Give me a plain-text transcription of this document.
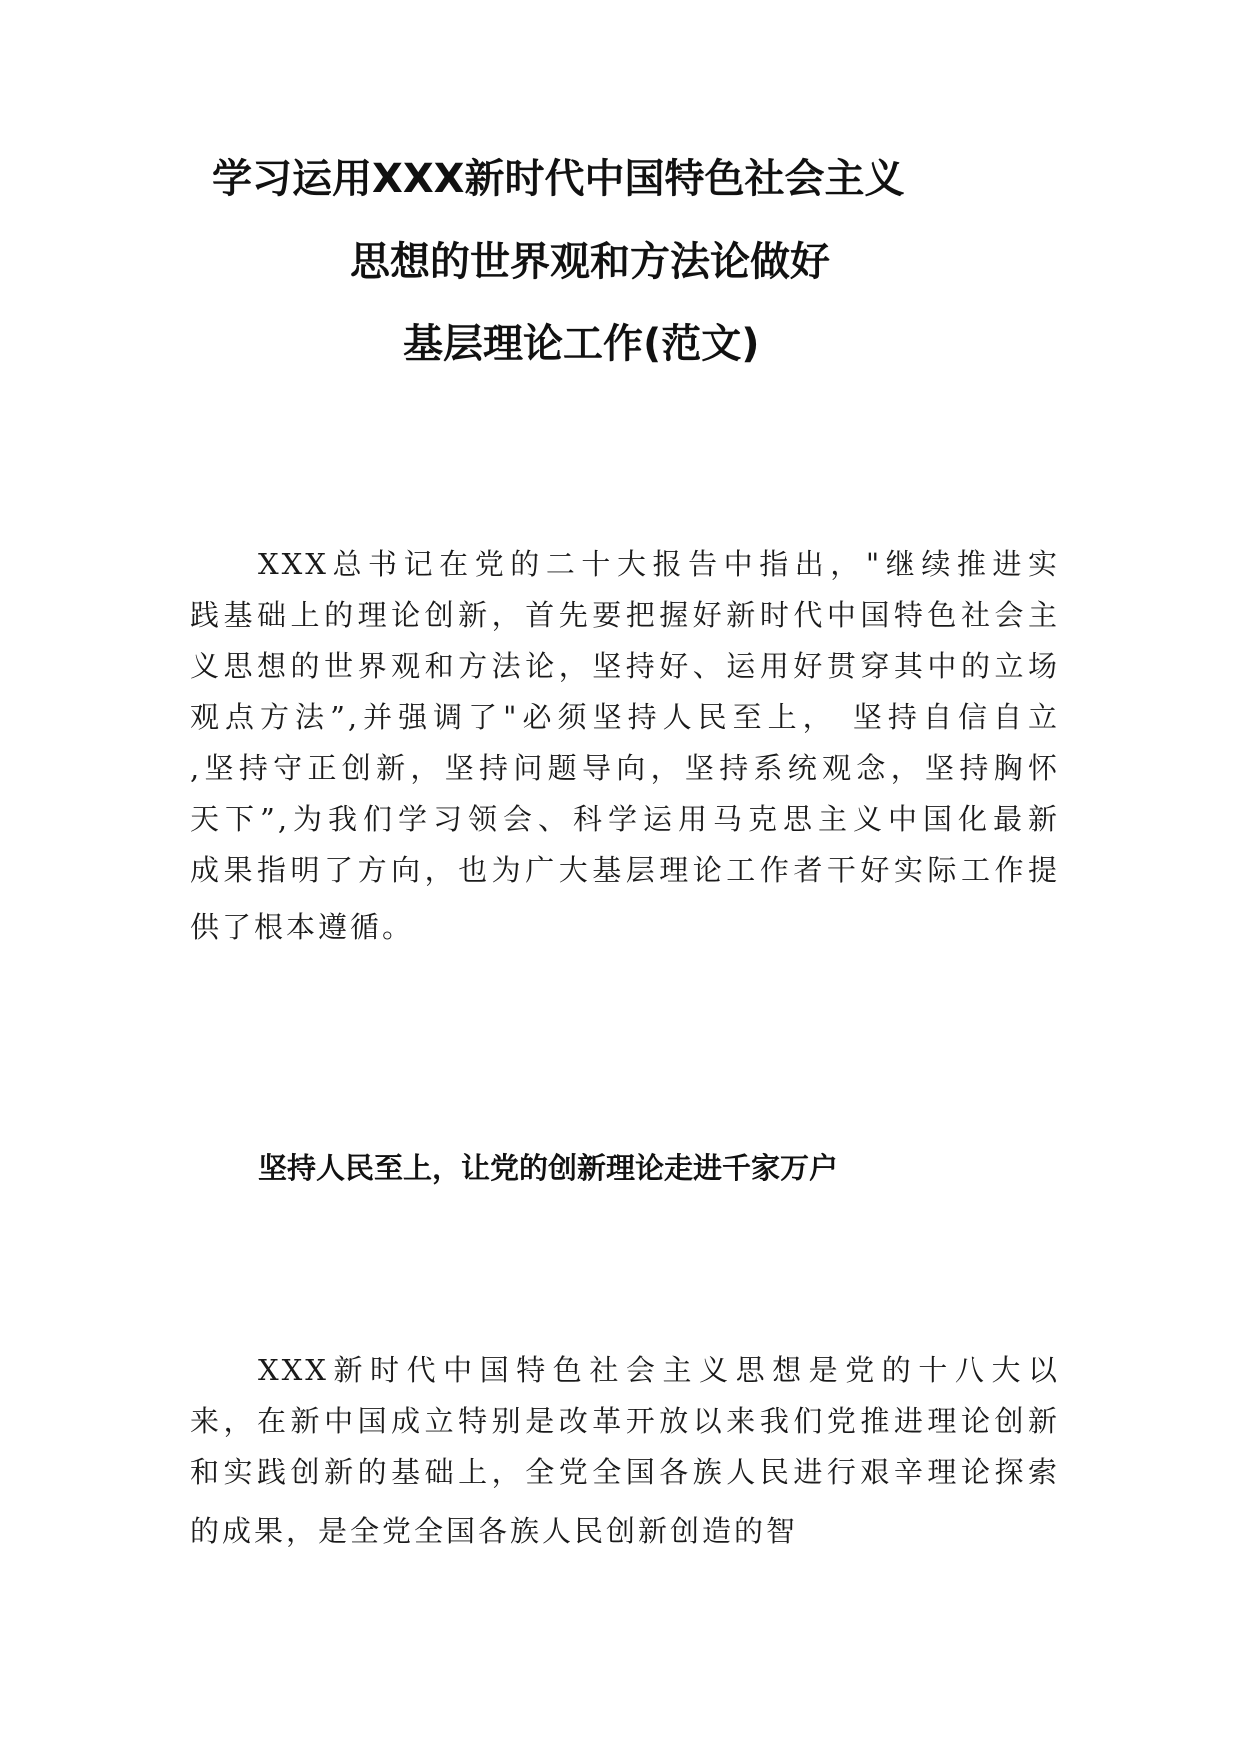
学习运用XXX新时代中国特色社会主义
思想的世界观和方法论做好
基层理论工作(范文)
XXX总书记在党的二十大报告中指出，"继续推进实
践基础上的理论创新，首先要把握好新时代中国特色社会主
义思想的世界观和方法论，坚持好、运用好贯穿其中的立场
观点方法”,并强调了"必须坚持人民至上， 坚持自信自立
,坚持守正创新，坚持问题导向，坚持系统观念，坚持胸怀
天下”,为我们学习领会、科学运用马克思主义中国化最新
成果指明了方向，也为广大基层理论工作者干好实际工作提
供了根本遵循。
坚持人民至上，让党的创新理论走进千家万户
XXX新时代中国特色社会主义思想是党的十八大以
来，在新中国成立特别是改革开放以来我们党推进理论创新
和实践创新的基础上，全党全国各族人民进行艰辛理论探索
的成果，是全党全国各族人民创新创造的智
